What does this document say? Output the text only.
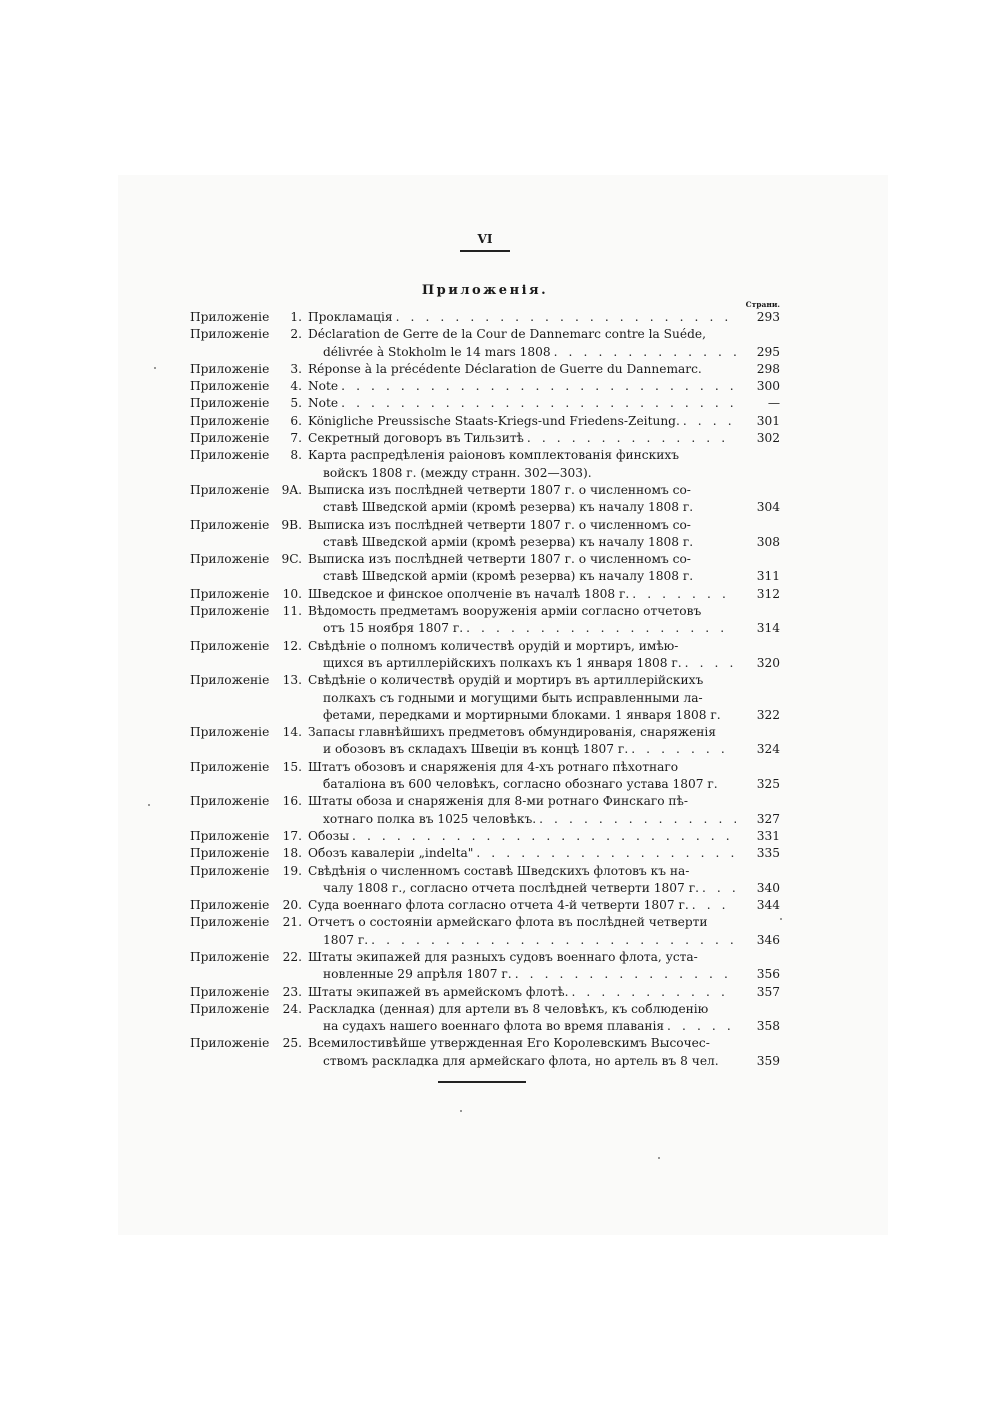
VI
Приложенія.
Страни.
Приложеніе	1. Прокламація . . .	293
Приложеніе	2. Déclaration de Gerre de la Cour de Dannemarc contre la Suéde,
délivrée à Stokholm le 14 mars 1808 . . .	295
Приложеніе	3. Réponse à la précédente Déclaration de Guerre du Dannemarc.	298
Приложеніе	4. Note . . .	300
Приложеніе	5. Note . . .	—
Приложеніе	6. Königliche Preussische Staats-Kriegs-und Friedens-Zeitung. . . .	301
Приложеніе	7. Секретный договоръ въ Тильзитѣ . . .	302
Приложеніе	8. Карта распредѣленія раіоновъ комплектованія финскихъ
войскъ 1808 г. (между странн. 302—303).
Приложеніе	9A. Выписка изъ послѣдней четверти 1807 г. о численномъ со-
ставѣ Шведской арміи (кромѣ резерва) къ началу 1808 г.	304
Приложеніе 9B. Выписка изъ послѣдней четверти 1807 г. о численномъ со-
ставѣ Шведской арміи (кромѣ резерва) къ началу 1808 г.	308
Приложеніе 9C. Выписка изъ послѣдней четверти 1807 г. о численномъ со-
ставѣ Шведской арміи (кромѣ резерва) къ началу 1808 г.	311
Приложеніе	10. Шведское и финское ополченіе въ началѣ 1808 г. . . .	312
Приложеніе	11. Вѣдомость предметамъ вооруженія арміи согласно отчетовъ
отъ 15 ноября 1807 г. . . .	314
Приложеніе	12. Свѣдѣніе о полномъ количествѣ орудій и мортиръ, имѣю-
щихся въ артиллерійскихъ полкахъ къ 1 января 1808 г. . . .	320
Приложеніе	13. Свѣдѣніе о количествѣ орудій и мортиръ въ артиллерійскихъ
полкахъ съ годными и могущими быть исправленными ла-
фетами, передками и мортирными блоками. 1 января 1808 г.	322
Приложеніе	14. Запасы главнѣйшихъ предметовъ обмундированія, снаряженія
и обозовъ въ складахъ Швеціи въ концѣ 1807 г. . . .	324
Приложеніе	15. Штатъ обозовъ и снаряженія для 4-хъ ротнаго пѣхотнаго
баталіона въ 600 человѣкъ, согласно обознаго устава 1807 г.	325
Приложеніе	16. Штаты обоза и снаряженія для 8-ми ротнаго Финскаго пѣ-
хотнаго полка въ 1025 человѣкъ. . . .	327
Приложеніе	17. Обозы . . .	331
Приложеніе	18. Обозъ кавалеріи „indelta" . . .	335
Приложеніе	19. Свѣдѣнія о численномъ составѣ Шведскихъ флотовъ къ на-
чалу 1808 г., согласно отчета послѣдней четверти 1807 г. . . .	340
Приложеніе	20. Суда военнаго флота согласно отчета 4-й четверти 1807 г. . . .	344
Приложеніе	21. Отчетъ о состояніи армейскаго флота въ послѣдней четверти
1807 г. . . .	346
Приложеніе	22. Штаты экипажей для разныхъ судовъ военнаго флота, уста-
новленные 29 апрѣля 1807 г. . . .	356
Приложеніе	23. Штаты экипажей въ армейскомъ флотѣ. . . .	357
Приложеніе	24. Раскладка (денная) для артели въ 8 человѣкъ, къ соблюденію
на судахъ нашего военнаго флота во время плаванія . . .	358
Приложеніе	25. Всемилостивѣйше утвержденная Его Королевскимъ Высочес-
ствомъ раскладка для армейскаго флота, но артель въ 8 чел.	359
